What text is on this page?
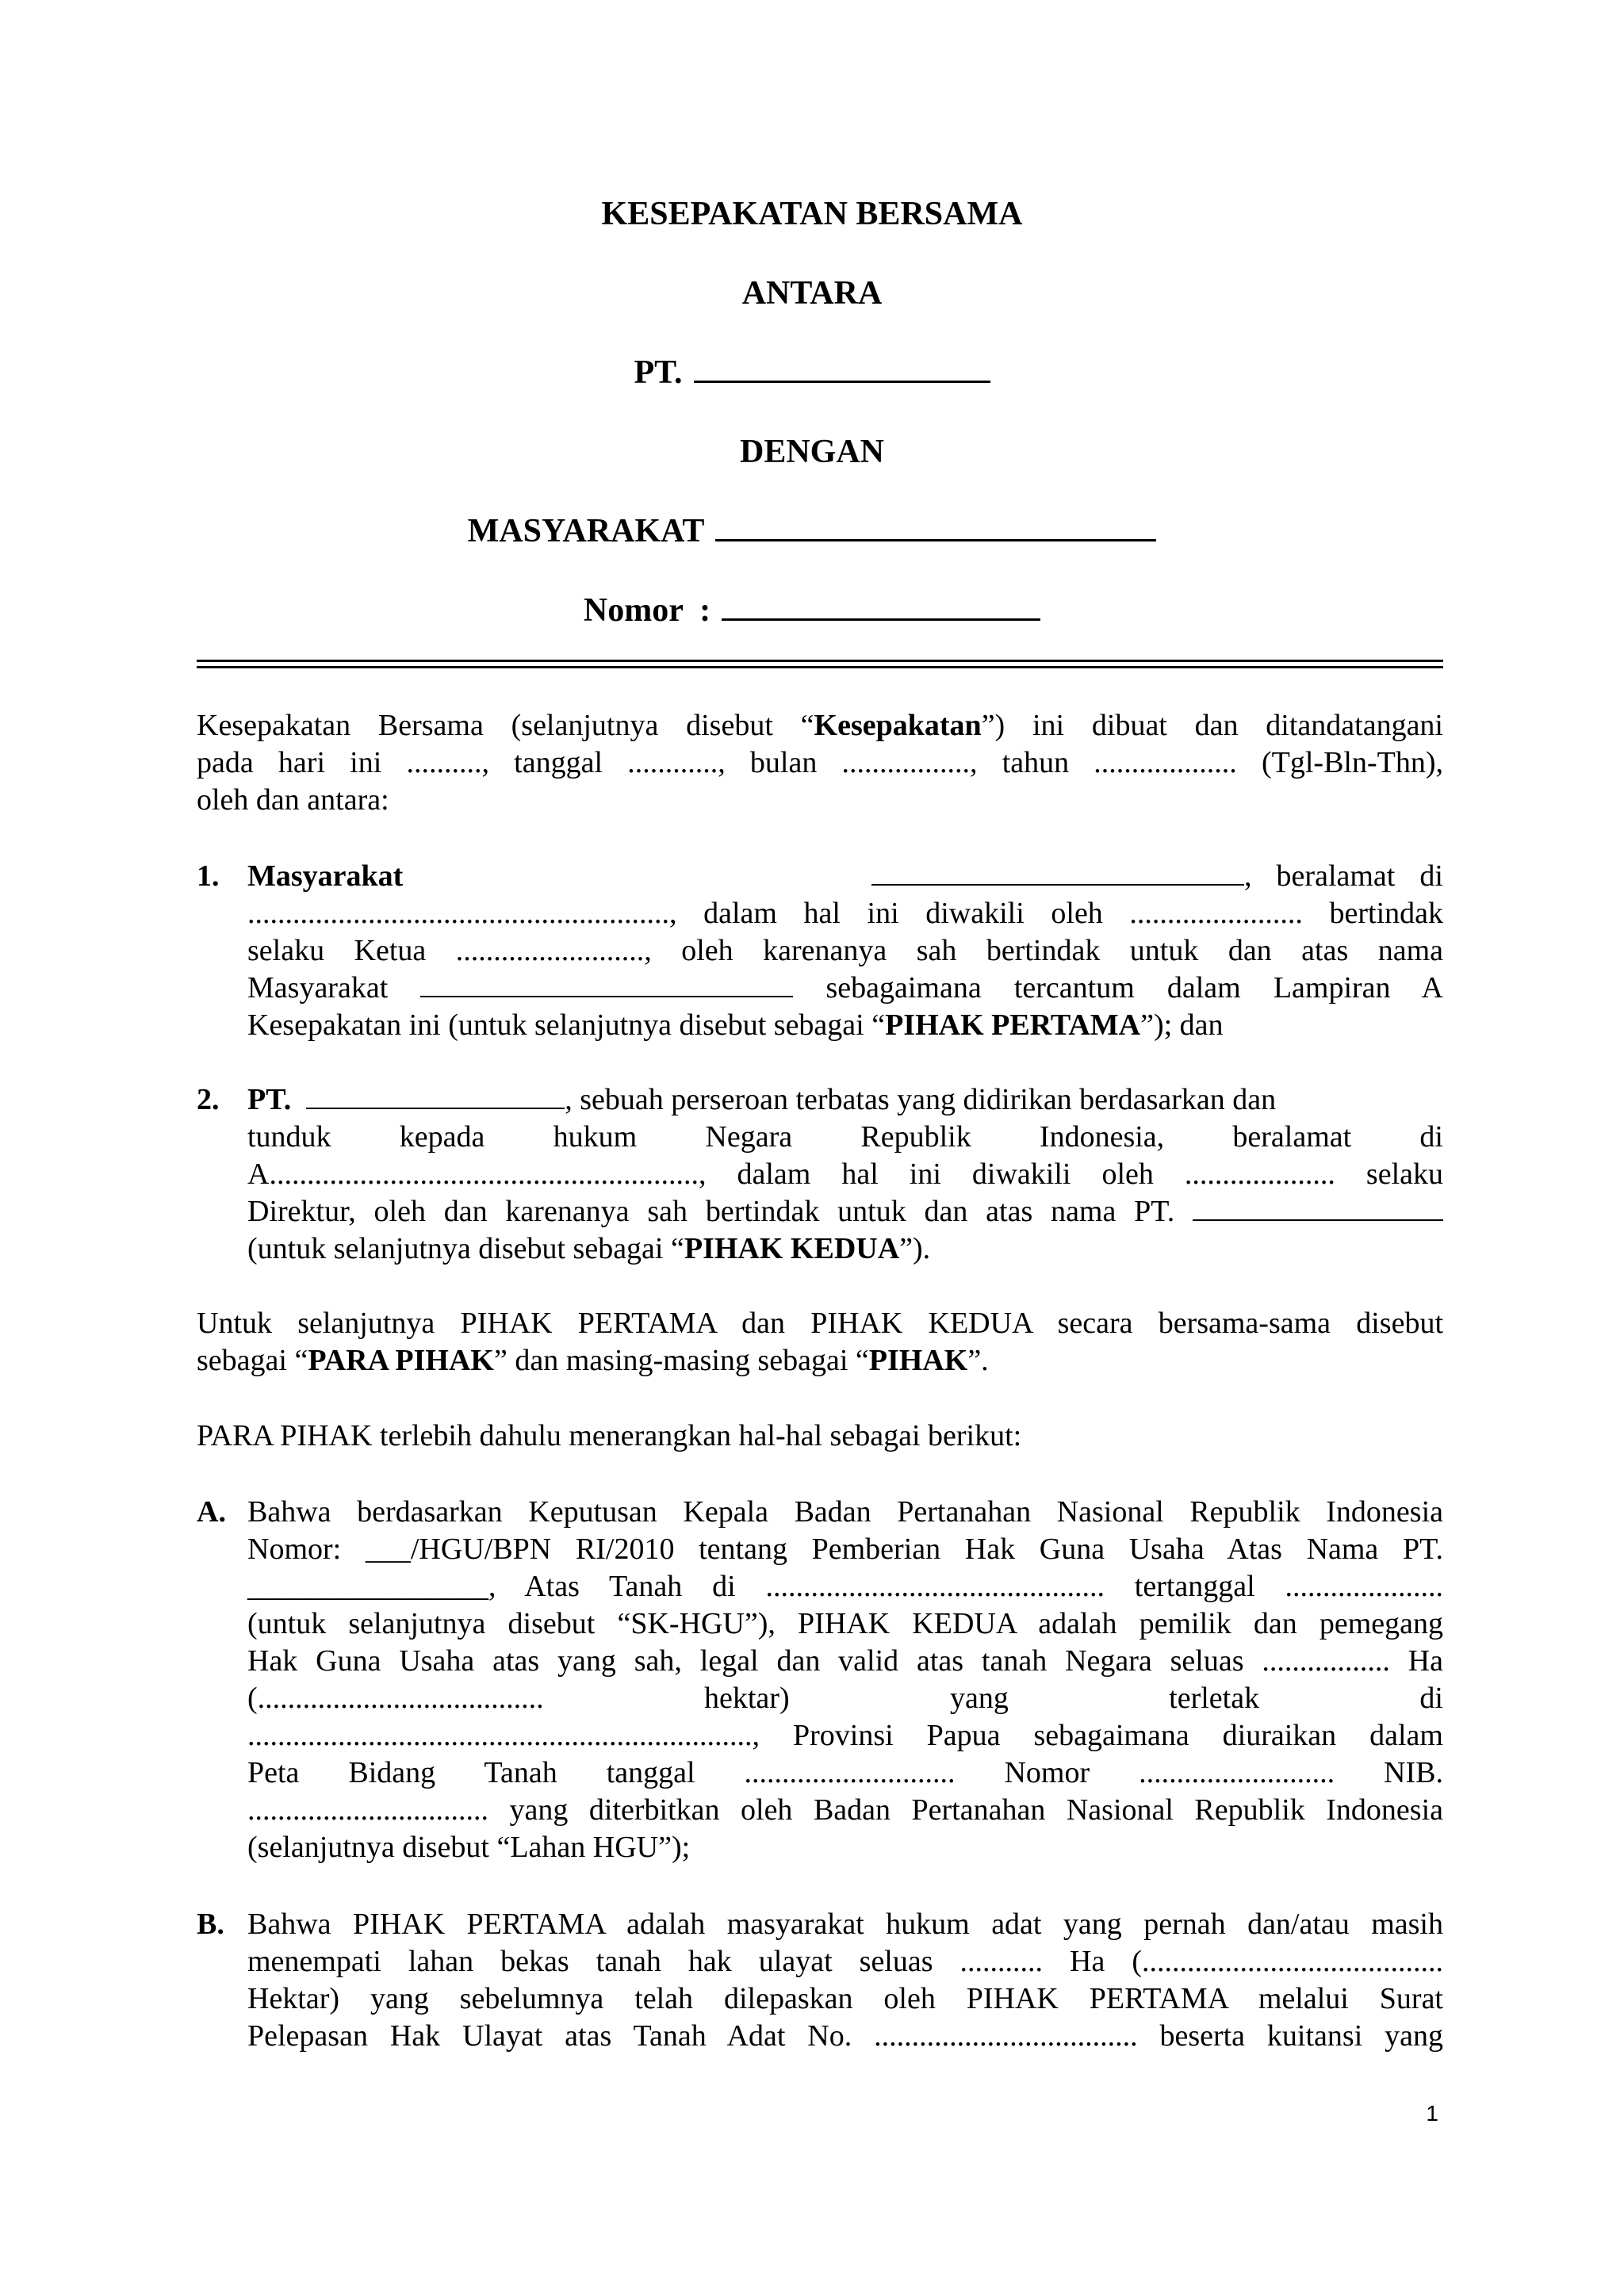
KESEPAKATAN BERSAMA
ANTARA
PT.
DENGAN
MASYARAKAT
Nomor  :
Kesepakatan Bersama (selanjutnya disebut “Kesepakatan”) ini dibuat dan ditandatangani
pada hari ini .........., tanggal ............, bulan ................., tahun ................... (Tgl-Bln-Thn),
oleh dan antara:
1. Masyarakat	, beralamat di
........................................................, dalam hal ini diwakili oleh ....................... bertindak
selaku Ketua ........................., oleh karenanya sah bertindak untuk dan atas nama
Masyarakat	sebagaimana tercantum dalam Lampiran A
Kesepakatan ini (untuk selanjutnya disebut sebagai “PIHAK PERTAMA”); dan
2. PT.	, sebuah perseroan terbatas yang didirikan berdasarkan dan
tunduk kepada hukum Negara Republik Indonesia, beralamat di
A........................................................., dalam hal ini diwakili oleh .................... selaku
Direktur, oleh dan karenanya sah bertindak untuk dan atas nama PT.
(untuk selanjutnya disebut sebagai “PIHAK KEDUA”).
Untuk selanjutnya PIHAK PERTAMA dan PIHAK KEDUA secara bersama-sama disebut
sebagai “PARA PIHAK” dan masing-masing sebagai “PIHAK”.
PARA PIHAK terlebih dahulu menerangkan hal-hal sebagai berikut:
A. Bahwa berdasarkan Keputusan Kepala Badan Pertanahan Nasional Republik Indonesia
Nomor: ___/HGU/BPN RI/2010 tentang Pemberian Hak Guna Usaha Atas Nama PT.
________________, Atas Tanah di ............................................. tertanggal .....................
(untuk selanjutnya disebut “SK-HGU”), PIHAK KEDUA adalah pemilik dan pemegang
Hak Guna Usaha atas yang sah, legal dan valid atas tanah Negara seluas ................. Ha
(...................................... hektar) yang terletak di
..................................................................., Provinsi Papua sebagaimana diuraikan dalam
Peta Bidang Tanah tanggal ............................ Nomor .......................... NIB.
................................ yang diterbitkan oleh Badan Pertanahan Nasional Republik Indonesia
(selanjutnya disebut “Lahan HGU”);
B. Bahwa PIHAK PERTAMA adalah masyarakat hukum adat yang pernah dan/atau masih
menempati lahan bekas tanah hak ulayat seluas ........... Ha (........................................
Hektar) yang sebelumnya telah dilepaskan oleh PIHAK PERTAMA melalui Surat
Pelepasan Hak Ulayat atas Tanah Adat No. ................................... beserta kuitansi yang
1
